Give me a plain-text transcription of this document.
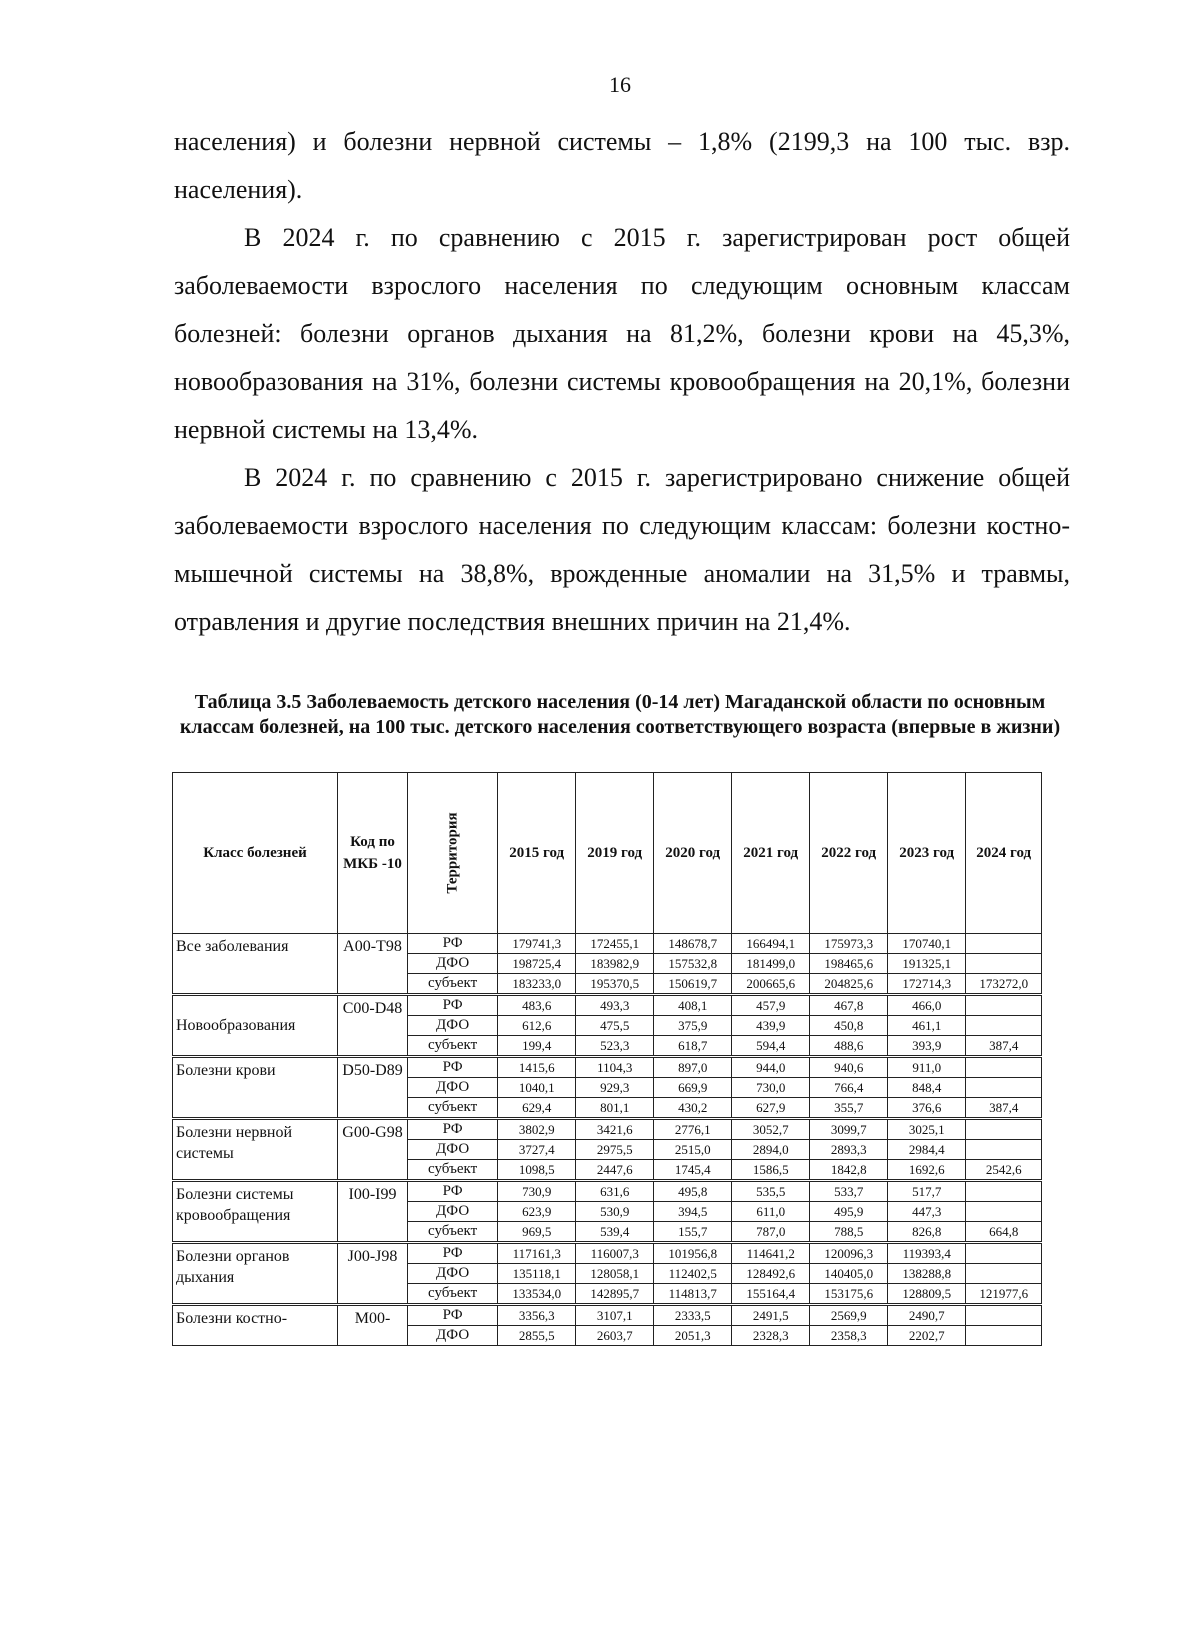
16

населения) и болезни нервной системы – 1,8% (2199,3 на 100 тыс. взр. населения).

В 2024 г. по сравнению с 2015 г. зарегистрирован рост общей заболеваемости взрослого населения по следующим основным классам болезней: болезни органов дыхания на 81,2%, болезни крови на 45,3%, новообразования на 31%, болезни системы кровообращения на 20,1%, болезни нервной системы на 13,4%.

В 2024 г. по сравнению с 2015 г. зарегистрировано снижение общей заболеваемости взрослого населения по следующим классам: болезни костно-мышечной системы на 38,8%, врожденные аномалии на 31,5% и травмы, отравления и другие последствия внешних причин на 21,4%.

Таблица 3.5 Заболеваемость детского населения (0-14 лет) Магаданской области по основным классам болезней, на 100 тыс. детского населения соответствующего возраста (впервые в жизни)
Класс болезней	Код по МКБ -10	Территория	2015 год	2019 год	2020 год	2021 год	2022 год	2023 год	2024 год
Все заболевания	A00-T98	РФ	179741,3	172455,1	148678,7	166494,1	175973,3	170740,1	
		ДФО	198725,4	183982,9	157532,8	181499,0	198465,6	191325,1	
		субъект	183233,0	195370,5	150619,7	200665,6	204825,6	172714,3	173272,0
Новообразования	C00-D48	РФ	483,6	493,3	408,1	457,9	467,8	466,0	
		ДФО	612,6	475,5	375,9	439,9	450,8	461,1	
		субъект	199,4	523,3	618,7	594,4	488,6	393,9	387,4
Болезни крови	D50-D89	РФ	1415,6	1104,3	897,0	944,0	940,6	911,0	
		ДФО	1040,1	929,3	669,9	730,0	766,4	848,4	
		субъект	629,4	801,1	430,2	627,9	355,7	376,6	387,4
Болезни нервной системы	G00-G98	РФ	3802,9	3421,6	2776,1	3052,7	3099,7	3025,1	
		ДФО	3727,4	2975,5	2515,0	2894,0	2893,3	2984,4	
		субъект	1098,5	2447,6	1745,4	1586,5	1842,8	1692,6	2542,6
Болезни системы кровообращения	I00-I99	РФ	730,9	631,6	495,8	535,5	533,7	517,7	
		ДФО	623,9	530,9	394,5	611,0	495,9	447,3	
		субъект	969,5	539,4	155,7	787,0	788,5	826,8	664,8
Болезни органов дыхания	J00-J98	РФ	117161,3	116007,3	101956,8	114641,2	120096,3	119393,4	
		ДФО	135118,1	128058,1	112402,5	128492,6	140405,0	138288,8	
		субъект	133534,0	142895,7	114813,7	155164,4	153175,6	128809,5	121977,6
Болезни костно-	M00-	РФ	3356,3	3107,1	2333,5	2491,5	2569,9	2490,7	
		ДФО	2855,5	2603,7	2051,3	2328,3	2358,3	2202,7	
